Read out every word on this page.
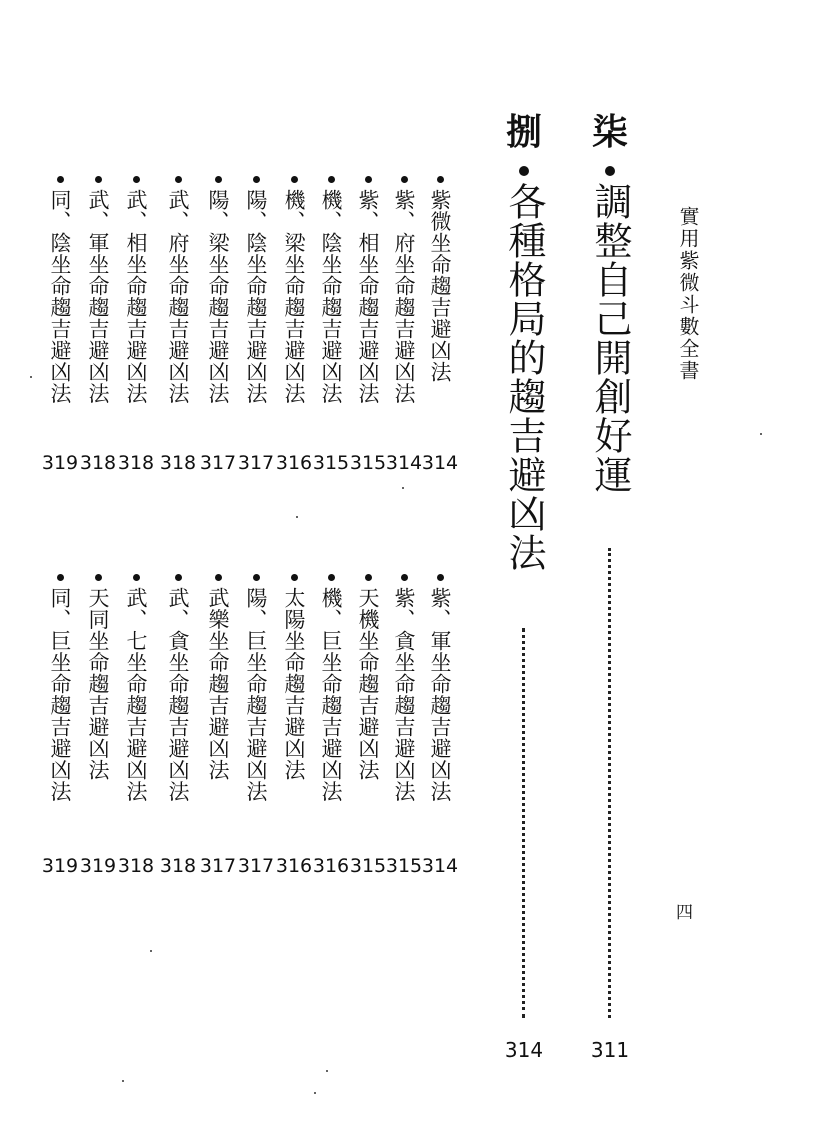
實用紫微斗數全書
四
柒
調整自己開創好運
311
捌
各種格局的趨吉避凶法
314
紫微坐命趨吉避凶法
紫、府坐命趨吉避凶法
紫、相坐命趨吉避凶法
機、陰坐命趨吉避凶法
機、梁坐命趨吉避凶法
陽、陰坐命趨吉避凶法
陽、梁坐命趨吉避凶法
武、府坐命趨吉避凶法
武、相坐命趨吉避凶法
武、軍坐命趨吉避凶法
同、陰坐命趨吉避凶法
314
314
315
315
316
317
317
318
318
318
319
紫、軍坐命趨吉避凶法
紫、貪坐命趨吉避凶法
天機坐命趨吉避凶法
機、巨坐命趨吉避凶法
太陽坐命趨吉避凶法
陽、巨坐命趨吉避凶法
武樂坐命趨吉避凶法
武、貪坐命趨吉避凶法
武、七坐命趨吉避凶法
天同坐命趨吉避凶法
同、巨坐命趨吉避凶法
314
315
315
316
316
317
317
318
318
319
319
